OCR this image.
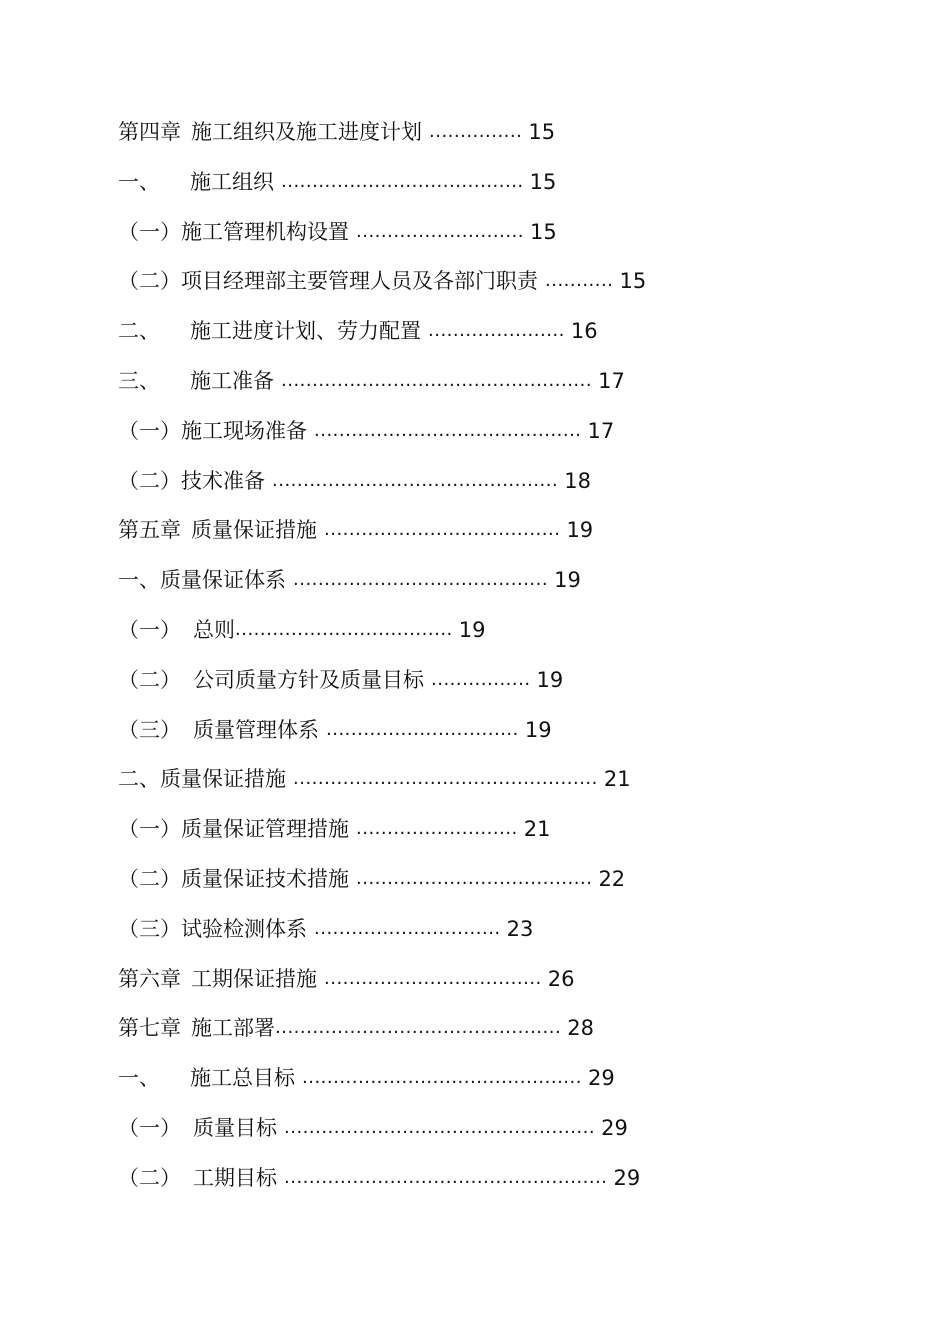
第四章 施工组织及施工进度计划 ............... 15
一、 施工组织 ....................................... 15
（一）施工管理机构设置 ........................... 15
（二）项目经理部主要管理人员及各部门职责 ........... 15
二、 施工进度计划、劳力配置 ...................... 16
三、 施工准备 .................................................. 17
（一）施工现场准备 ........................................... 17
（二）技术准备 .............................................. 18
第五章 质量保证措施 ...................................... 19
一、质量保证体系 ......................................... 19
（一） 总则................................... 19
（二） 公司质量方针及质量目标 ................ 19
（三） 质量管理体系 ............................... 19
二、质量保证措施 ................................................. 21
（一）质量保证管理措施 .......................... 21
（二）质量保证技术措施 ...................................... 22
（三）试验检测体系 .............................. 23
第六章 工期保证措施 ................................... 26
第七章 施工部署.............................................. 28
一、 施工总目标 ............................................. 29
（一） 质量目标 .................................................. 29
（二） 工期目标 .................................................... 29
